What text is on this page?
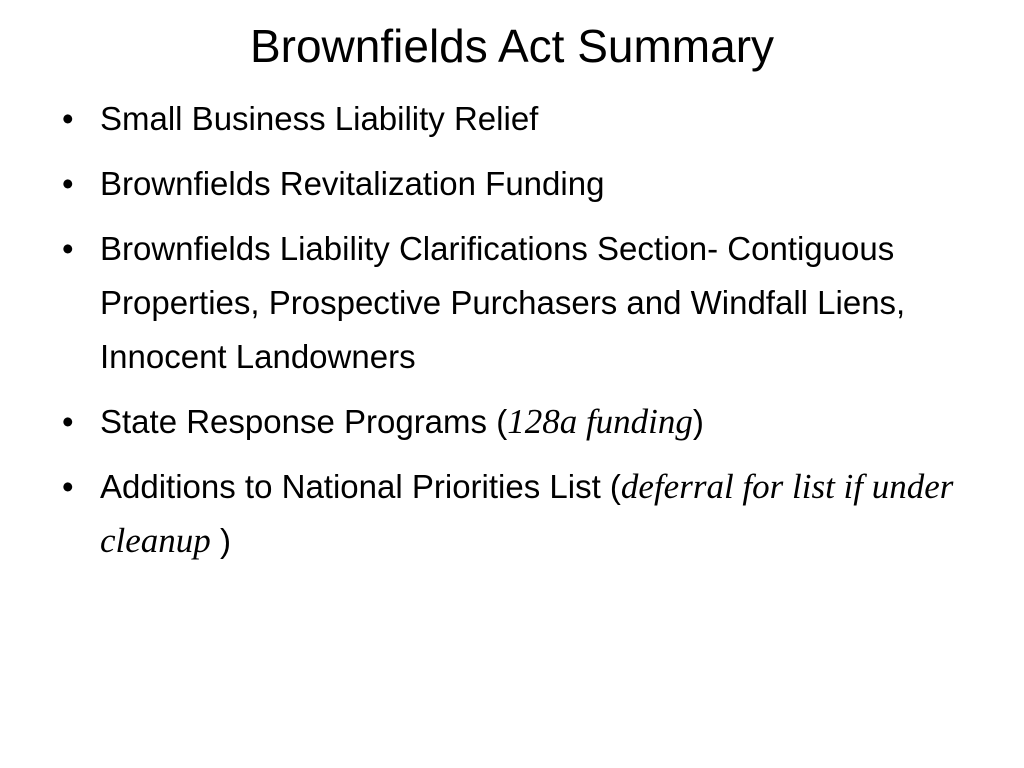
Brownfields Act Summary
• Small Business Liability Relief
• Brownfields Revitalization Funding
• Brownfields Liability Clarifications Section- Contiguous Properties, Prospective Purchasers and Windfall Liens, Innocent Landowners
• State Response Programs (128a funding)
• Additions to National Priorities List (deferral for list if under cleanup )
